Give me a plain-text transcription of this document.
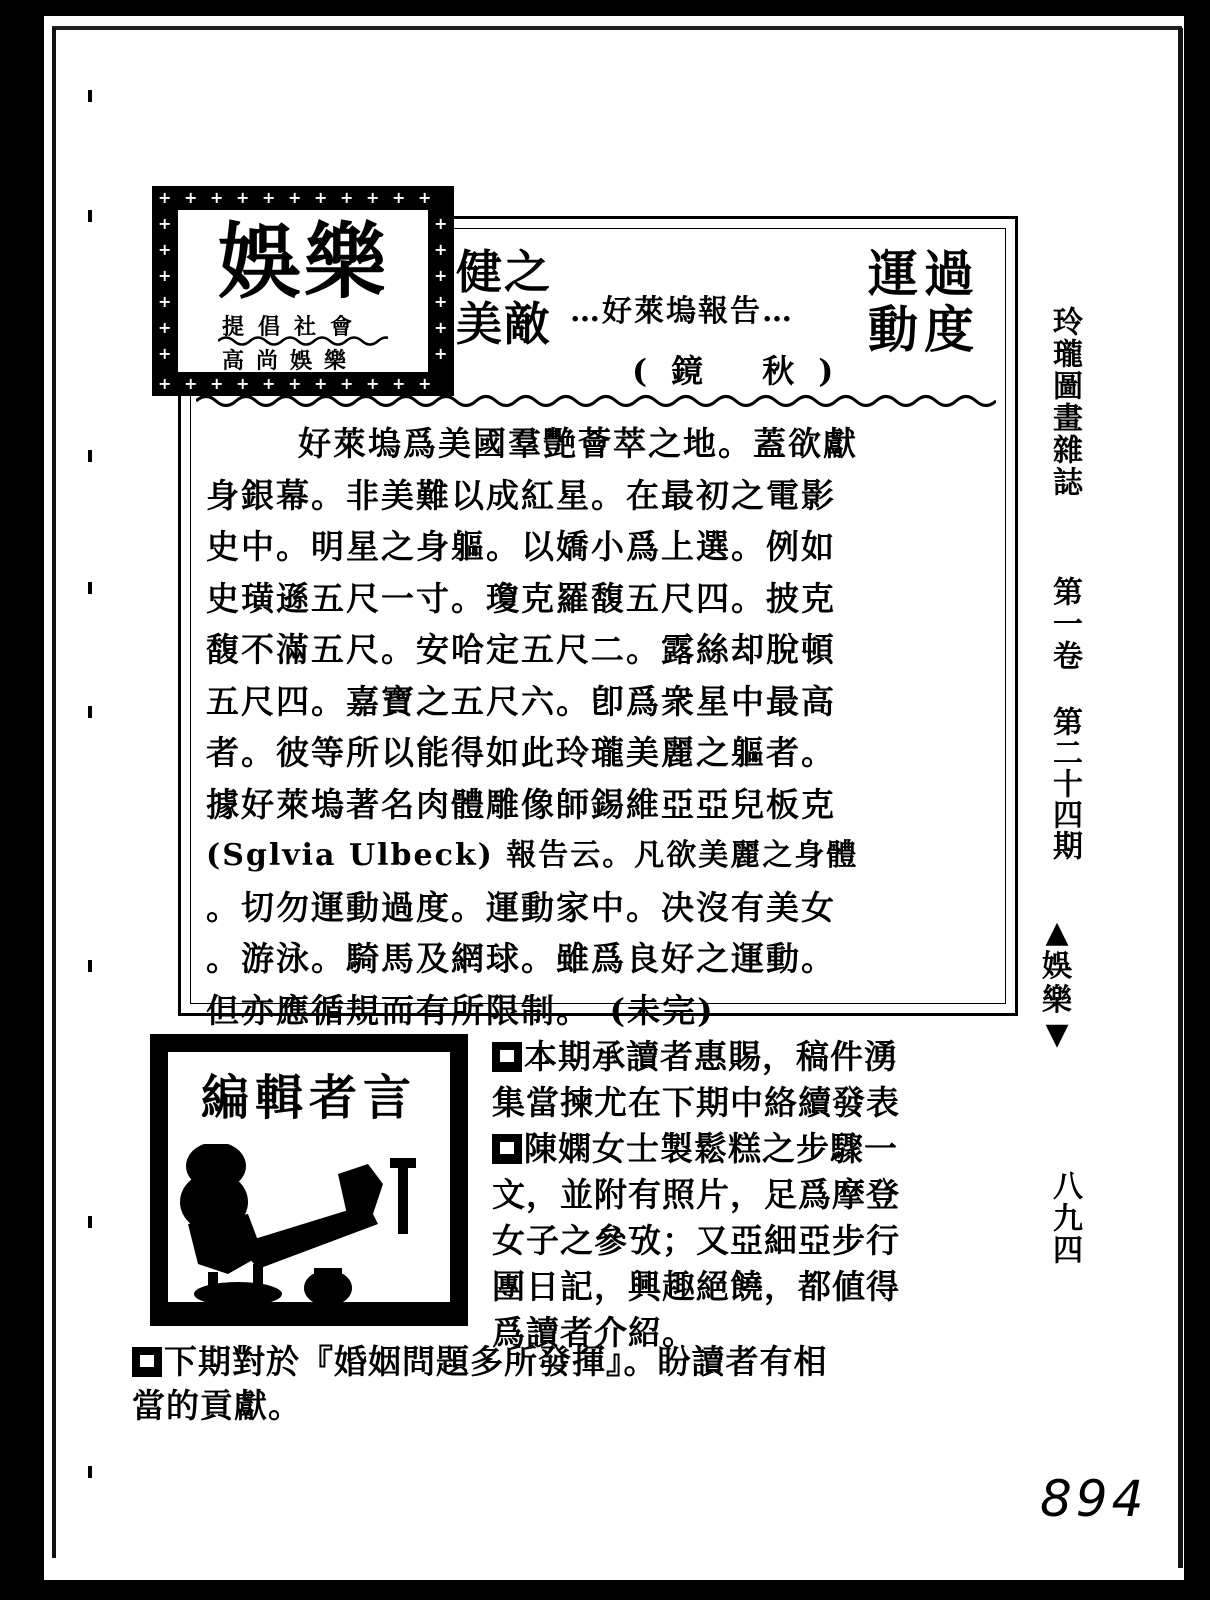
+
+
+
+
+
+
+
+
+
+
+
+
+
+
+
+
+
+
+
+
+
+
+	+
+	+
+	+
+	+
+	+
+	+
娛樂
提倡社會
高尚娛樂
健之
美敵 …好萊塢報告…
運過
動度
(鏡 秋)
好萊塢爲美國羣艷薈萃之地。蓋欲獻
身銀幕。非美難以成紅星。在最初之電影
史中。明星之身軀。以嬌小爲上選。例如
史璜遜五尺一寸。瓊克羅馥五尺四。披克
馥不滿五尺。安哈定五尺二。露絲却脫頓
五尺四。嘉寶之五尺六。卽爲衆星中最高
者。彼等所以能得如此玲瓏美麗之軀者。
據好萊塢著名肉體雕像師錫維亞亞兒板克
(Sglvia Ulbeck) 報告云。凡欲美麗之身體
。切勿運動過度。運動家中。决沒有美女
。游泳。騎馬及網球。雖爲良好之運動。
但亦應循規而有所限制。　(未完)
玲瓏圖畫雜誌
第一卷
第二十四期
▲
娛
樂
▼
八九四
編輯者言
本期承讀者惠賜，稿件湧
集當揀尤在下期中絡續發表
陳嫻女士製鬆糕之步驟一
文，並附有照片，足爲摩登
女子之參攷；又亞細亞步行
團日記，興趣絕饒，都値得
爲讀者介紹。
下期對於『婚姻問題多所發揮』。盼讀者有相
當的貢獻。
894
